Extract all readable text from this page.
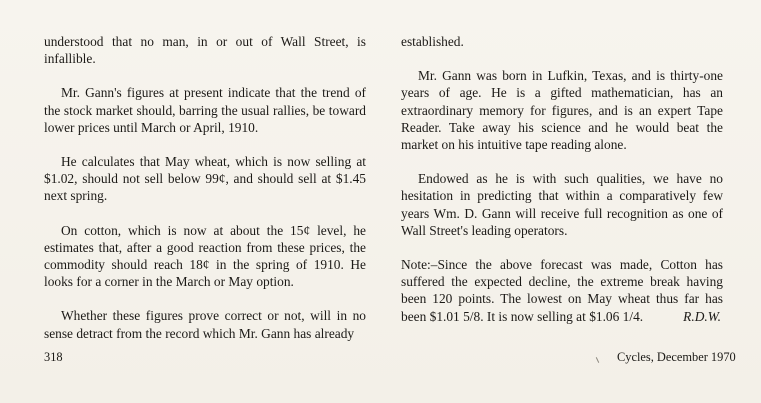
understood that no man, in or out of Wall Street, is infallible.

Mr. Gann's figures at present indicate that the trend of the stock market should, barring the usual rallies, be toward lower prices until March or April, 1910.

He calculates that May wheat, which is now selling at $1.02, should not sell below 99¢, and should sell at $1.45 next spring.

On cotton, which is now at about the 15¢ level, he estimates that, after a good reaction from these prices, the commodity should reach 18¢ in the spring of 1910. He looks for a corner in the March or May option.

Whether these figures prove correct or not, will in no sense detract from the record which Mr. Gann has already

established.

Mr. Gann was born in Lufkin, Texas, and is thirty-one years of age. He is a gifted mathematician, has an extraordinary memory for figures, and is an expert Tape Reader. Take away his science and he would beat the market on his intuitive tape reading alone.

Endowed as he is with such qualities, we have no hesitation in predicting that within a comparatively few years Wm. D. Gann will receive full recognition as one of Wall Street's leading operators.

Note:–Since the above forecast was made, Cotton has suffered the expected decline, the extreme break having been 120 points. The lowest on May wheat thus far has been $1.01 5/8. It is now selling at $1.06 1/4.	R.D.W.

318	Cycles, December 1970
